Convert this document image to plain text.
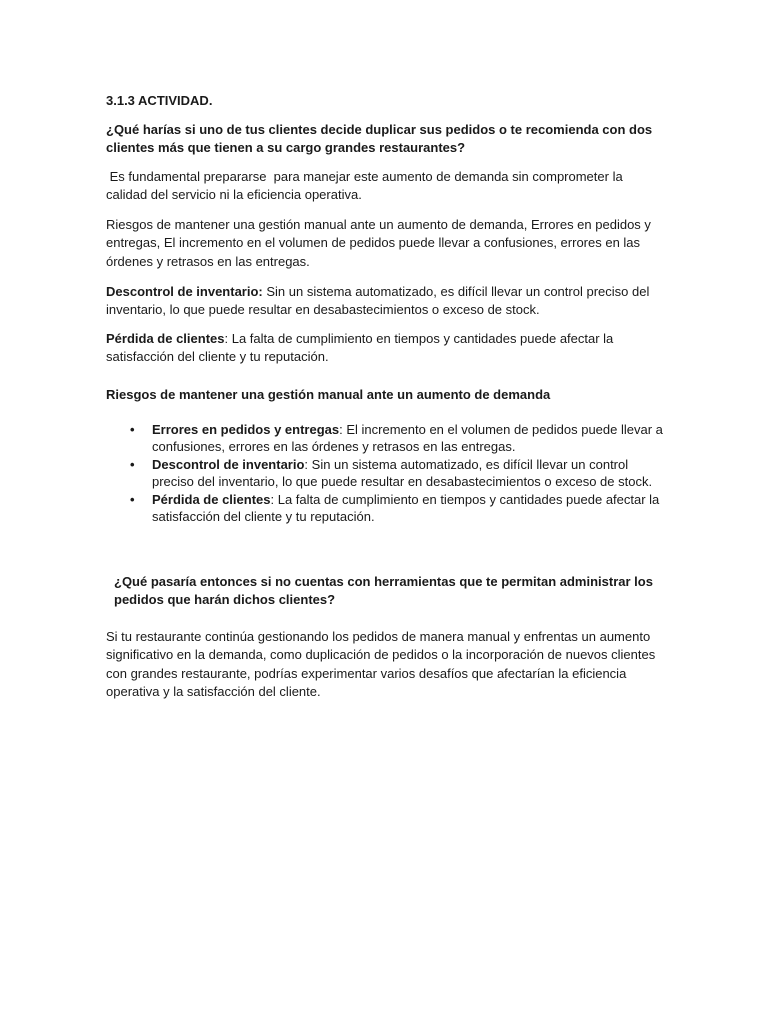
3.1.3 ACTIVIDAD.

¿Qué harías si uno de tus clientes decide duplicar sus pedidos o te recomienda con dos clientes más que tienen a su cargo grandes restaurantes?

Es fundamental prepararse  para manejar este aumento de demanda sin comprometer la calidad del servicio ni la eficiencia operativa.

Riesgos de mantener una gestión manual ante un aumento de demanda, Errores en pedidos y entregas, El incremento en el volumen de pedidos puede llevar a confusiones, errores en las órdenes y retrasos en las entregas.

Descontrol de inventario: Sin un sistema automatizado, es difícil llevar un control preciso del inventario, lo que puede resultar en desabastecimientos o exceso de stock.

Pérdida de clientes: La falta de cumplimiento en tiempos y cantidades puede afectar la satisfacción del cliente y tu reputación.

Riesgos de mantener una gestión manual ante un aumento de demanda

• Errores en pedidos y entregas: El incremento en el volumen de pedidos puede llevar a confusiones, errores en las órdenes y retrasos en las entregas.
• Descontrol de inventario: Sin un sistema automatizado, es difícil llevar un control preciso del inventario, lo que puede resultar en desabastecimientos o exceso de stock.
• Pérdida de clientes: La falta de cumplimiento en tiempos y cantidades puede afectar la satisfacción del cliente y tu reputación.

¿Qué pasaría entonces si no cuentas con herramientas que te permitan administrar los pedidos que harán dichos clientes?

Si tu restaurante continúa gestionando los pedidos de manera manual y enfrentas un aumento significativo en la demanda, como duplicación de pedidos o la incorporación de nuevos clientes con grandes restaurante, podrías experimentar varios desafíos que afectarían la eficiencia operativa y la satisfacción del cliente.
